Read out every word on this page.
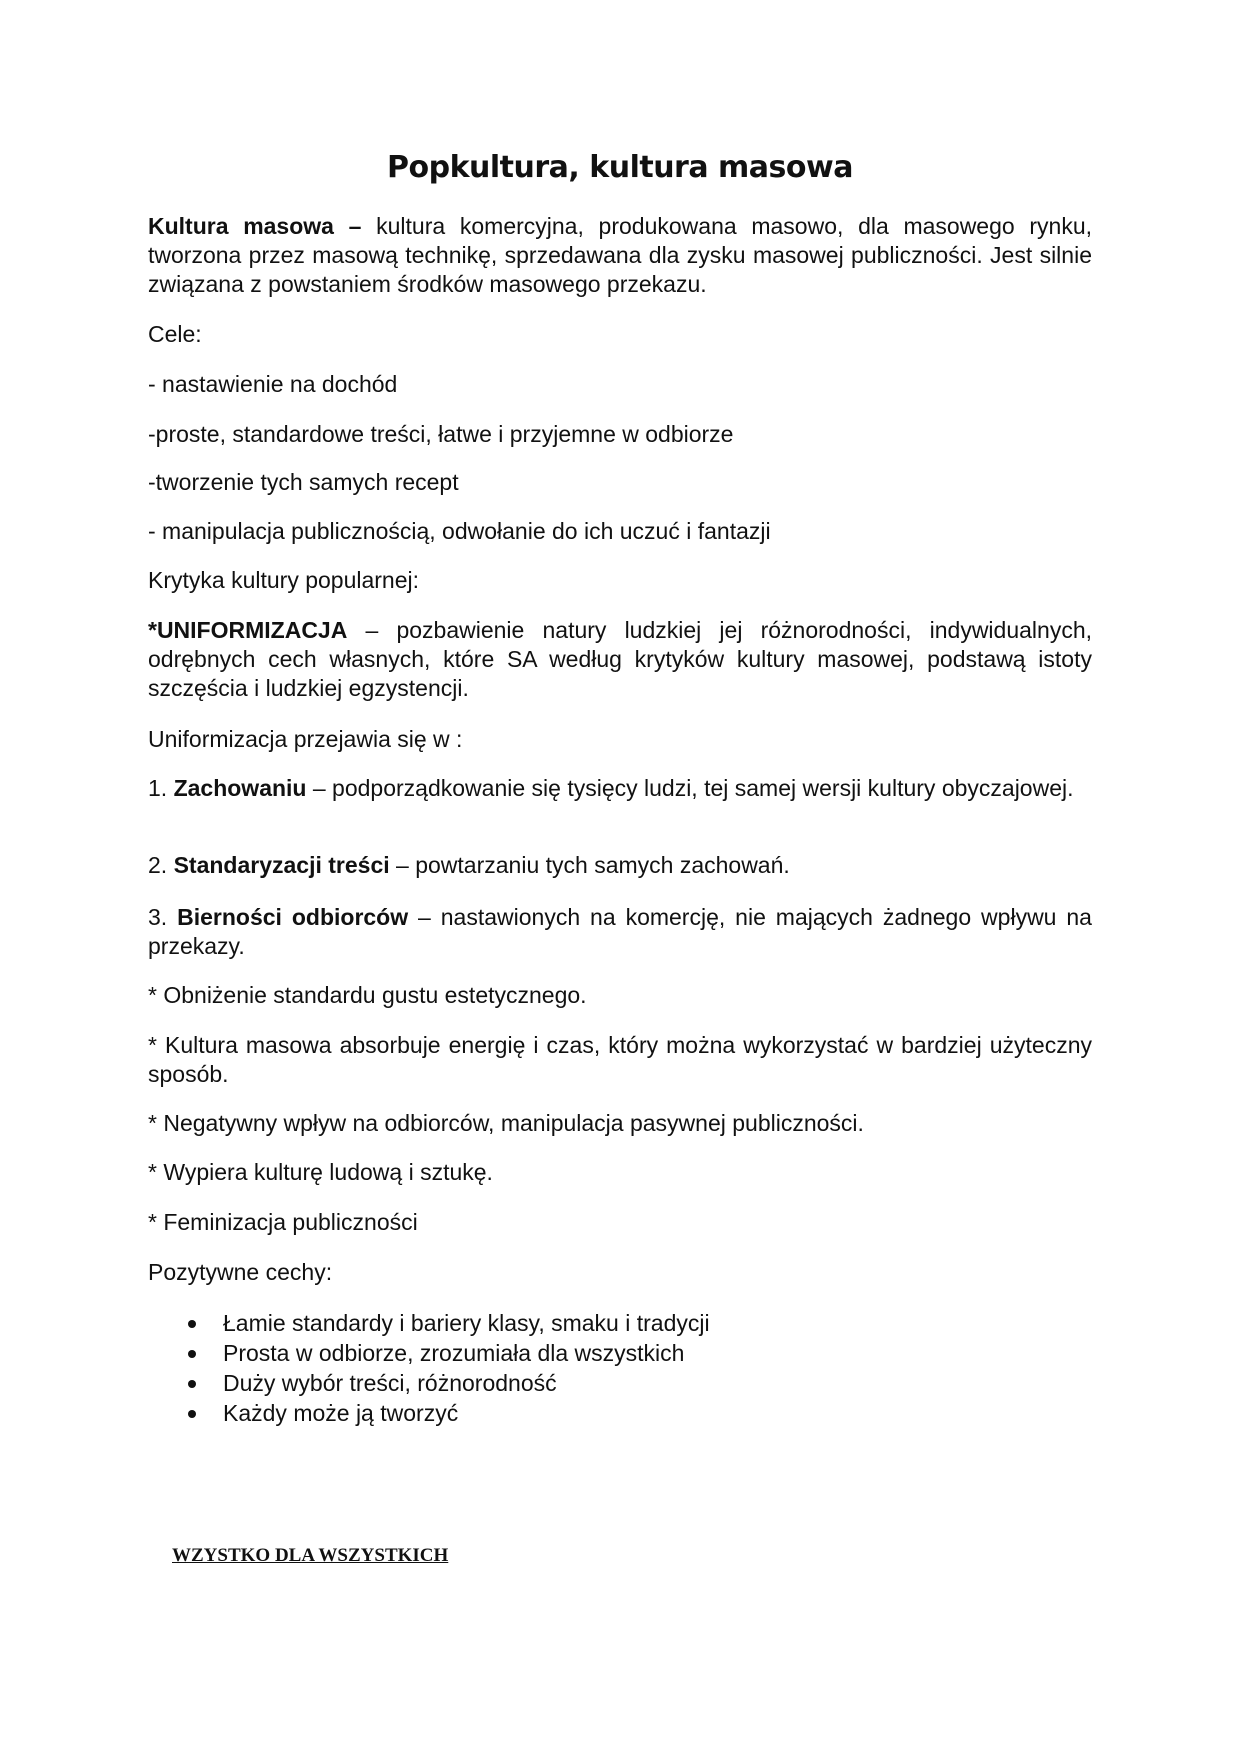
Popkultura, kultura masowa

Kultura masowa – kultura komercyjna, produkowana masowo, dla masowego rynku, tworzona przez masową technikę, sprzedawana dla zysku masowej publiczności. Jest silnie związana z powstaniem środków masowego przekazu.

Cele:

- nastawienie na dochód

-proste, standardowe treści, łatwe i przyjemne w odbiorze

-tworzenie tych samych recept

- manipulacja publicznością, odwołanie do ich uczuć i fantazji

Krytyka kultury popularnej:

*UNIFORMIZACJA – pozbawienie natury ludzkiej jej różnorodności, indywidualnych, odrębnych cech własnych, które SA według krytyków kultury masowej, podstawą istoty szczęścia i ludzkiej egzystencji.

Uniformizacja przejawia się w :

1. Zachowaniu – podporządkowanie się tysięcy ludzi, tej samej wersji kultury obyczajowej.

2. Standaryzacji treści – powtarzaniu tych samych zachowań.

3. Bierności odbiorców – nastawionych na komercję, nie mających żadnego wpływu na przekazy.

* Obniżenie standardu gustu estetycznego.

* Kultura masowa absorbuje energię i czas, który można wykorzystać w bardziej użyteczny sposób.

* Negatywny wpływ na odbiorców, manipulacja pasywnej publiczności.

* Wypiera kulturę ludową i sztukę.

* Feminizacja publiczności

Pozytywne cechy:

Łamie standardy i bariery klasy, smaku i tradycji
Prosta w odbiorze, zrozumiała dla wszystkich
Duży wybór treści, różnorodność
Każdy może ją tworzyć

WZYSTKO DLA WSZYSTKICH
